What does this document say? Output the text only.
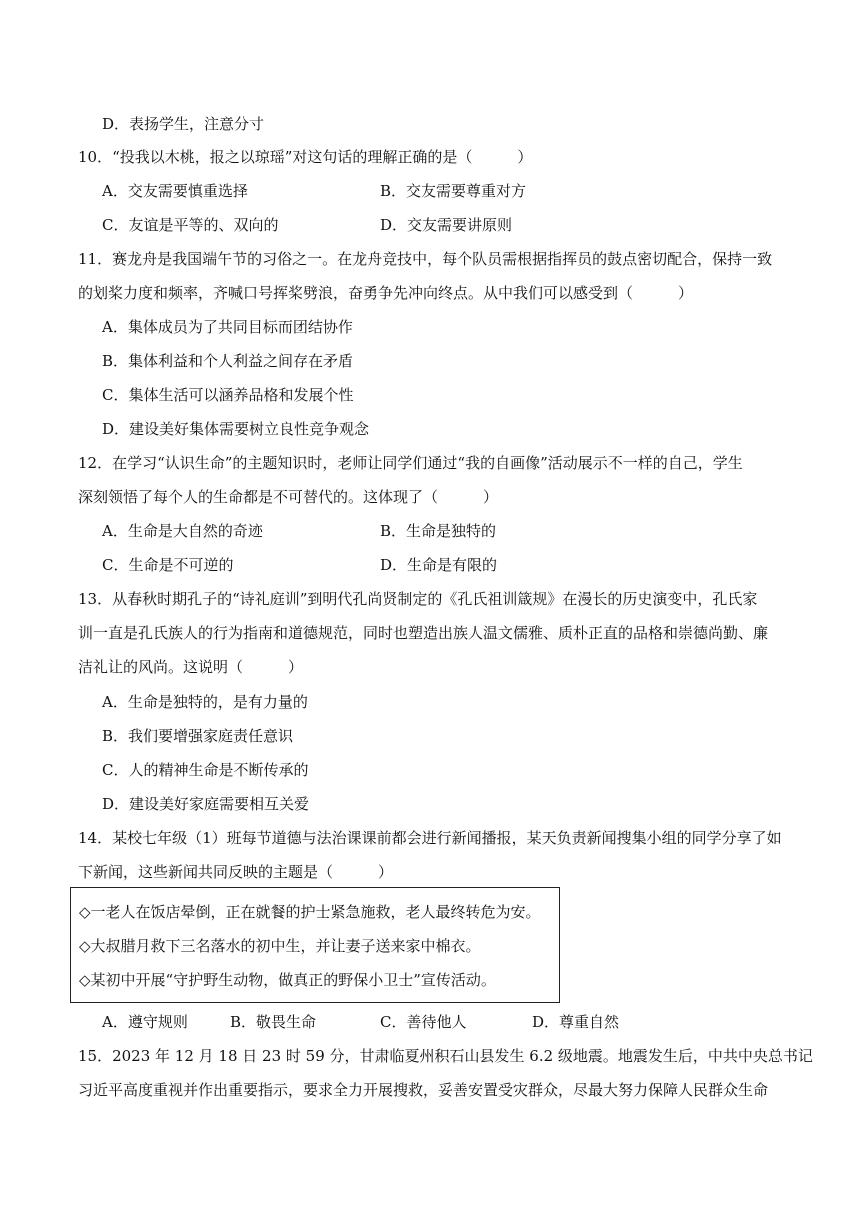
D．表扬学生，注意分寸
10．“投我以木桃，报之以琼瑶”对这句话的理解正确的是（　　　）
A．交友需要慎重选择	B．交友需要尊重对方
C．友谊是平等的、双向的	D．交友需要讲原则
11．赛龙舟是我国端午节的习俗之一。在龙舟竞技中，每个队员需根据指挥员的鼓点密切配合，保持一致
的划桨力度和频率，齐喊口号挥桨劈浪，奋勇争先冲向终点。从中我们可以感受到（　　　）
A．集体成员为了共同目标而团结协作
B．集体利益和个人利益之间存在矛盾
C．集体生活可以涵养品格和发展个性
D．建设美好集体需要树立良性竞争观念
12．在学习“认识生命”的主题知识时，老师让同学们通过“我的自画像”活动展示不一样的自己，学生
深刻领悟了每个人的生命都是不可替代的。这体现了（　　　）
A．生命是大自然的奇迹	B．生命是独特的
C．生命是不可逆的	D．生命是有限的
13．从春秋时期孔子的“诗礼庭训”到明代孔尚贤制定的《孔氏祖训箴规》在漫长的历史演变中，孔氏家
训一直是孔氏族人的行为指南和道德规范，同时也塑造出族人温文儒雅、质朴正直的品格和崇德尚勤、廉
洁礼让的风尚。这说明（　　　）
A．生命是独特的，是有力量的
B．我们要增强家庭责任意识
C．人的精神生命是不断传承的
D．建设美好家庭需要相互关爱
14．某校七年级（1）班每节道德与法治课课前都会进行新闻播报，某天负责新闻搜集小组的同学分享了如
下新闻，这些新闻共同反映的主题是（　　　）
◇一老人在饭店晕倒，正在就餐的护士紧急施救，老人最终转危为安。
◇大叔腊月救下三名落水的初中生，并让妻子送来家中棉衣。
◇某初中开展“守护野生动物，做真正的野保小卫士”宣传活动。
A．遵守规则	B．敬畏生命	C．善待他人	D．尊重自然
15．2023 年 12 月 18 日 23 时 59 分，甘肃临夏州积石山县发生 6.2 级地震。地震发生后，中共中央总书记
习近平高度重视并作出重要指示，要求全力开展搜救，妥善安置受灾群众，尽最大努力保障人民群众生命
